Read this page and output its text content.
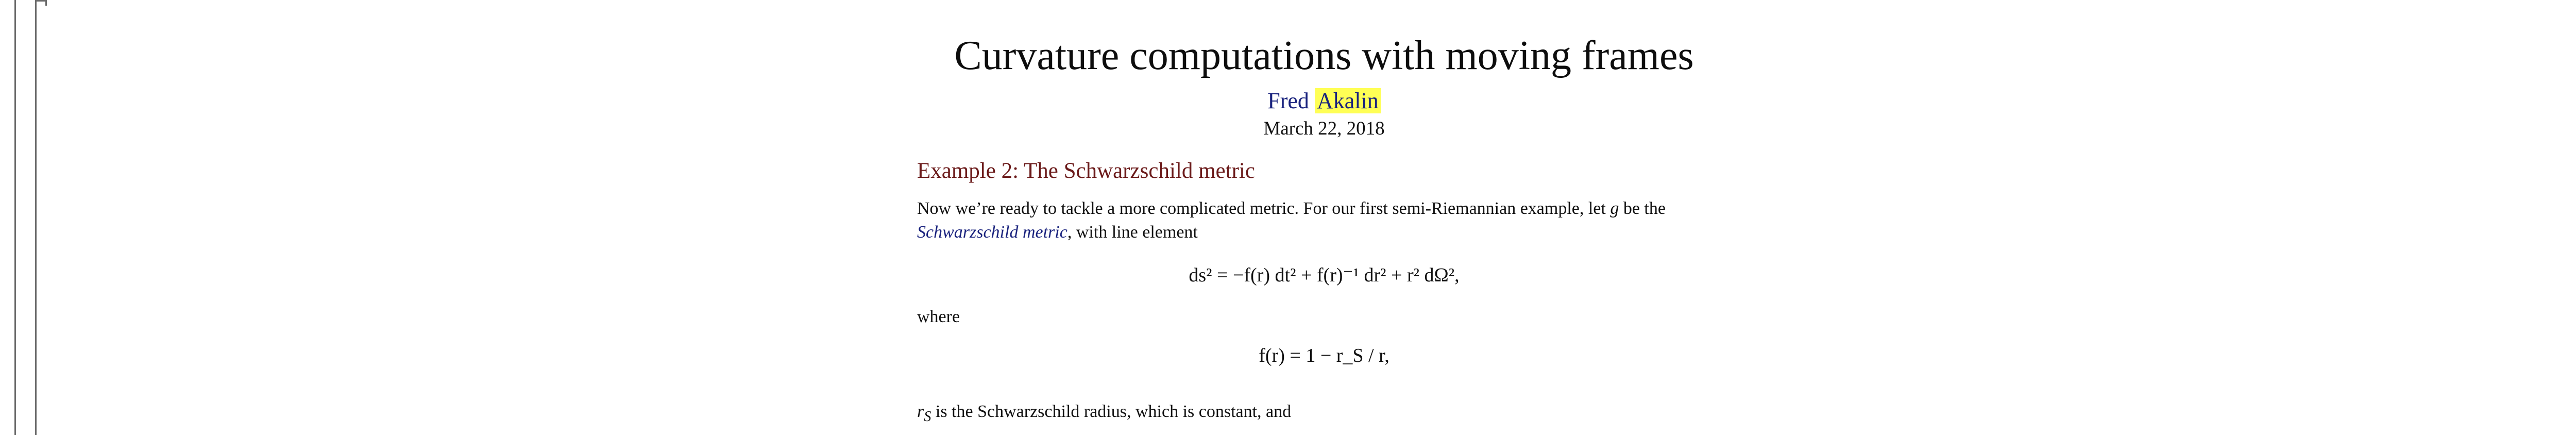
Curvature computations with moving frames
Fred Akalin
March 22, 2018
Example 2: The Schwarzschild metric
Now we’re ready to tackle a more complicated metric. For our first semi-Riemannian example, let g be the
Schwarzschild metric, with line element
ds² = −f(r) dt² + f(r)⁻¹ dr² + r² dΩ²,
where
f(r) = 1 − r_S / r,
$r_S$ is the Schwarzschild radius, which is constant, and
